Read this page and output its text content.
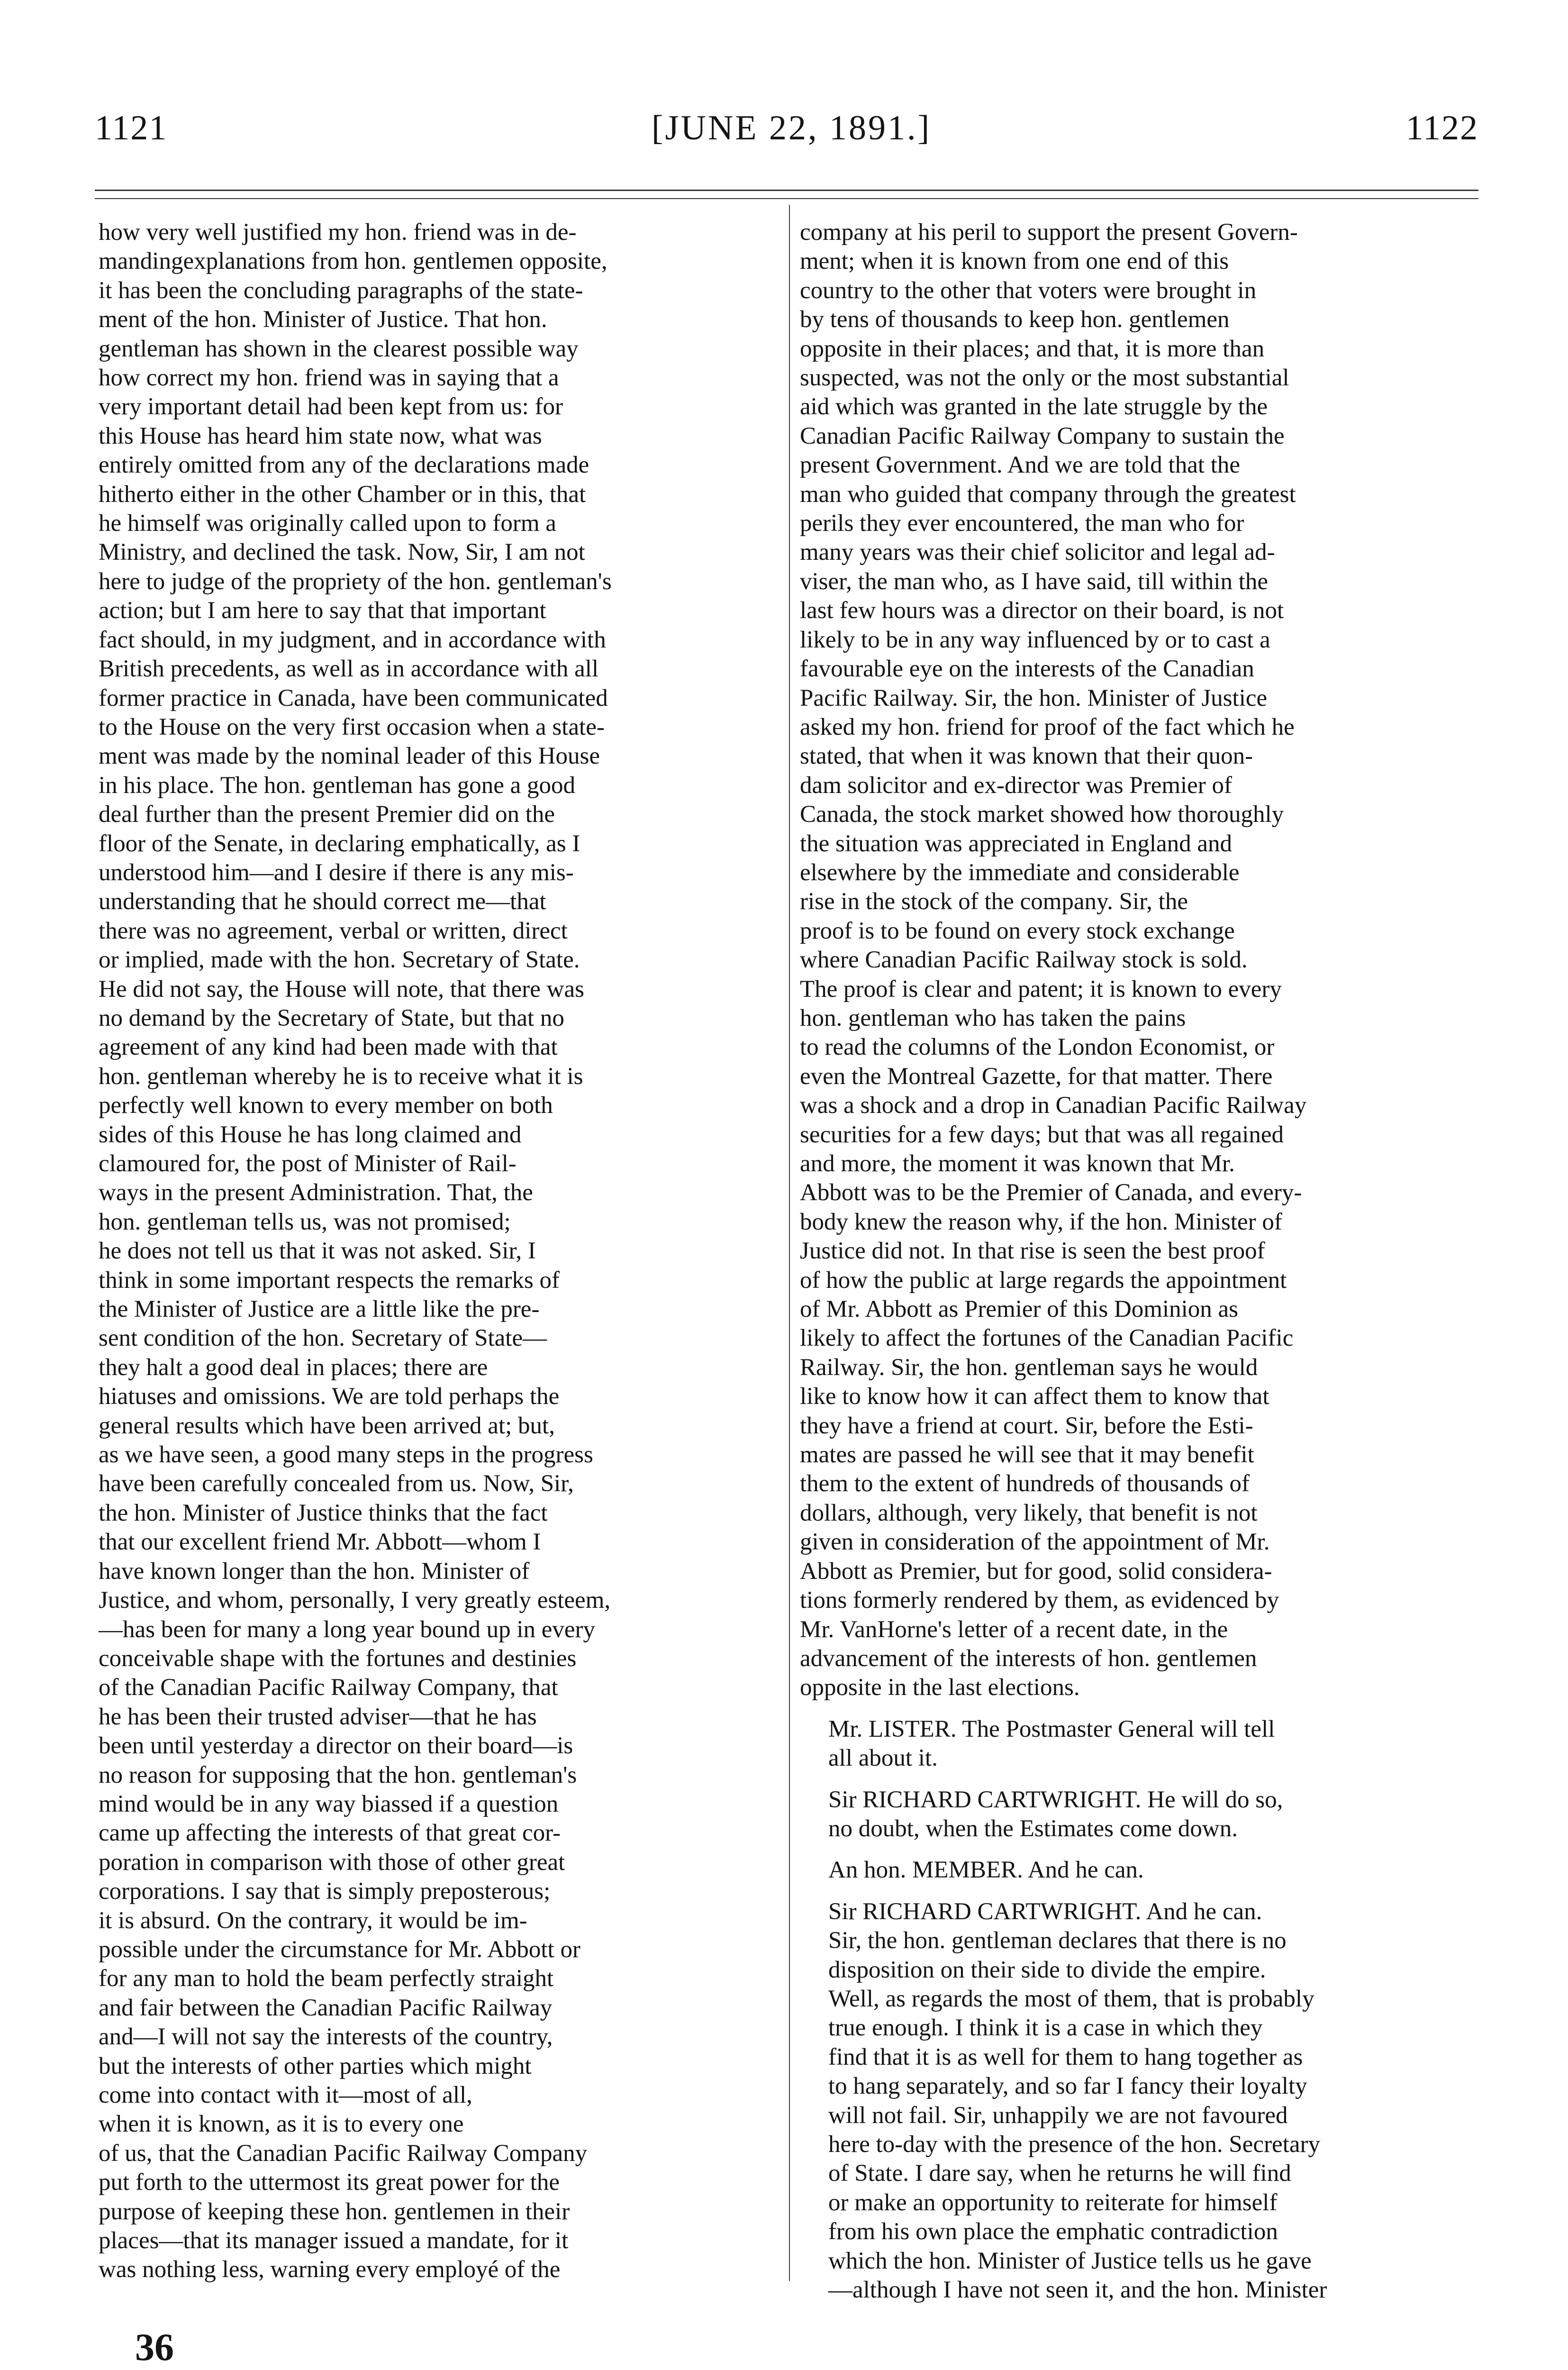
1121	[JUNE 22, 1891.]	1122

how very well justified my hon. friend was in de-
mandingexplanations from hon. gentlemen opposite,
it has been the concluding paragraphs of the state-
ment of the hon. Minister of Justice. That hon.
gentleman has shown in the clearest possible way
how correct my hon. friend was in saying that a
very important detail had been kept from us: for
this House has heard him state now, what was
entirely omitted from any of the declarations made
hitherto either in the other Chamber or in this, that
he himself was originally called upon to form a
Ministry, and declined the task. Now, Sir, I am not
here to judge of the propriety of the hon. gentleman's
action; but I am here to say that that important
fact should, in my judgment, and in accordance with
British precedents, as well as in accordance with all
former practice in Canada, have been communicated
to the House on the very first occasion when a state-
ment was made by the nominal leader of this House
in his place. The hon. gentleman has gone a good
deal further than the present Premier did on the
floor of the Senate, in declaring emphatically, as I
understood him—and I desire if there is any mis-
understanding that he should correct me—that
there was no agreement, verbal or written, direct
or implied, made with the hon. Secretary of State.
He did not say, the House will note, that there was
no demand by the Secretary of State, but that no
agreement of any kind had been made with that
hon. gentleman whereby he is to receive what it is
perfectly well known to every member on both
sides of this House he has long claimed and
clamoured for, the post of Minister of Rail-
ways in the present Administration. That, the
hon. gentleman tells us, was not promised;
he does not tell us that it was not asked. Sir, I
think in some important respects the remarks of
the Minister of Justice are a little like the pre-
sent condition of the hon. Secretary of State—
they halt a good deal in places; there are
hiatuses and omissions. We are told perhaps the
general results which have been arrived at; but,
as we have seen, a good many steps in the progress
have been carefully concealed from us. Now, Sir,
the hon. Minister of Justice thinks that the fact
that our excellent friend Mr. Abbott—whom I
have known longer than the hon. Minister of
Justice, and whom, personally, I very greatly esteem,
—has been for many a long year bound up in every
conceivable shape with the fortunes and destinies
of the Canadian Pacific Railway Company, that
he has been their trusted adviser—that he has
been until yesterday a director on their board—is
no reason for supposing that the hon. gentleman's
mind would be in any way biassed if a question
came up affecting the interests of that great cor-
poration in comparison with those of other great
corporations. I say that is simply preposterous;
it is absurd. On the contrary, it would be im-
possible under the circumstance for Mr. Abbott or
for any man to hold the beam perfectly straight
and fair between the Canadian Pacific Railway
and—I will not say the interests of the country,
but the interests of other parties which might
come into contact with it—most of all,
when it is known, as it is to every one
of us, that the Canadian Pacific Railway Company
put forth to the uttermost its great power for the
purpose of keeping these hon. gentlemen in their
places—that its manager issued a mandate, for it
was nothing less, warning every employé of the

company at his peril to support the present Govern-
ment; when it is known from one end of this
country to the other that voters were brought in
by tens of thousands to keep hon. gentlemen
opposite in their places; and that, it is more than
suspected, was not the only or the most substantial
aid which was granted in the late struggle by the
Canadian Pacific Railway Company to sustain the
present Government. And we are told that the
man who guided that company through the greatest
perils they ever encountered, the man who for
many years was their chief solicitor and legal ad-
viser, the man who, as I have said, till within the
last few hours was a director on their board, is not
likely to be in any way influenced by or to cast a
favourable eye on the interests of the Canadian
Pacific Railway. Sir, the hon. Minister of Justice
asked my hon. friend for proof of the fact which he
stated, that when it was known that their quon-
dam solicitor and ex-director was Premier of
Canada, the stock market showed how thoroughly
the situation was appreciated in England and
elsewhere by the immediate and considerable
rise in the stock of the company. Sir, the
proof is to be found on every stock exchange
where Canadian Pacific Railway stock is sold.
The proof is clear and patent; it is known to every
hon. gentleman who has taken the pains
to read the columns of the London Economist, or
even the Montreal Gazette, for that matter. There
was a shock and a drop in Canadian Pacific Railway
securities for a few days; but that was all regained
and more, the moment it was known that Mr.
Abbott was to be the Premier of Canada, and every-
body knew the reason why, if the hon. Minister of
Justice did not. In that rise is seen the best proof
of how the public at large regards the appointment
of Mr. Abbott as Premier of this Dominion as
likely to affect the fortunes of the Canadian Pacific
Railway. Sir, the hon. gentleman says he would
like to know how it can affect them to know that
they have a friend at court. Sir, before the Esti-
mates are passed he will see that it may benefit
them to the extent of hundreds of thousands of
dollars, although, very likely, that benefit is not
given in consideration of the appointment of Mr.
Abbott as Premier, but for good, solid considera-
tions formerly rendered by them, as evidenced by
Mr. VanHorne's letter of a recent date, in the
advancement of the interests of hon. gentlemen
opposite in the last elections.

Mr. LISTER. The Postmaster General will tell
all about it.

Sir RICHARD CARTWRIGHT. He will do so,
no doubt, when the Estimates come down.

An hon. MEMBER. And he can.

Sir RICHARD CARTWRIGHT. And he can.
Sir, the hon. gentleman declares that there is no
disposition on their side to divide the empire.
Well, as regards the most of them, that is probably
true enough. I think it is a case in which they
find that it is as well for them to hang together as
to hang separately, and so far I fancy their loyalty
will not fail. Sir, unhappily we are not favoured
here to-day with the presence of the hon. Secretary
of State. I dare say, when he returns he will find
or make an opportunity to reiterate for himself
from his own place the emphatic contradiction
which the hon. Minister of Justice tells us he gave
—although I have not seen it, and the hon. Minister

36
